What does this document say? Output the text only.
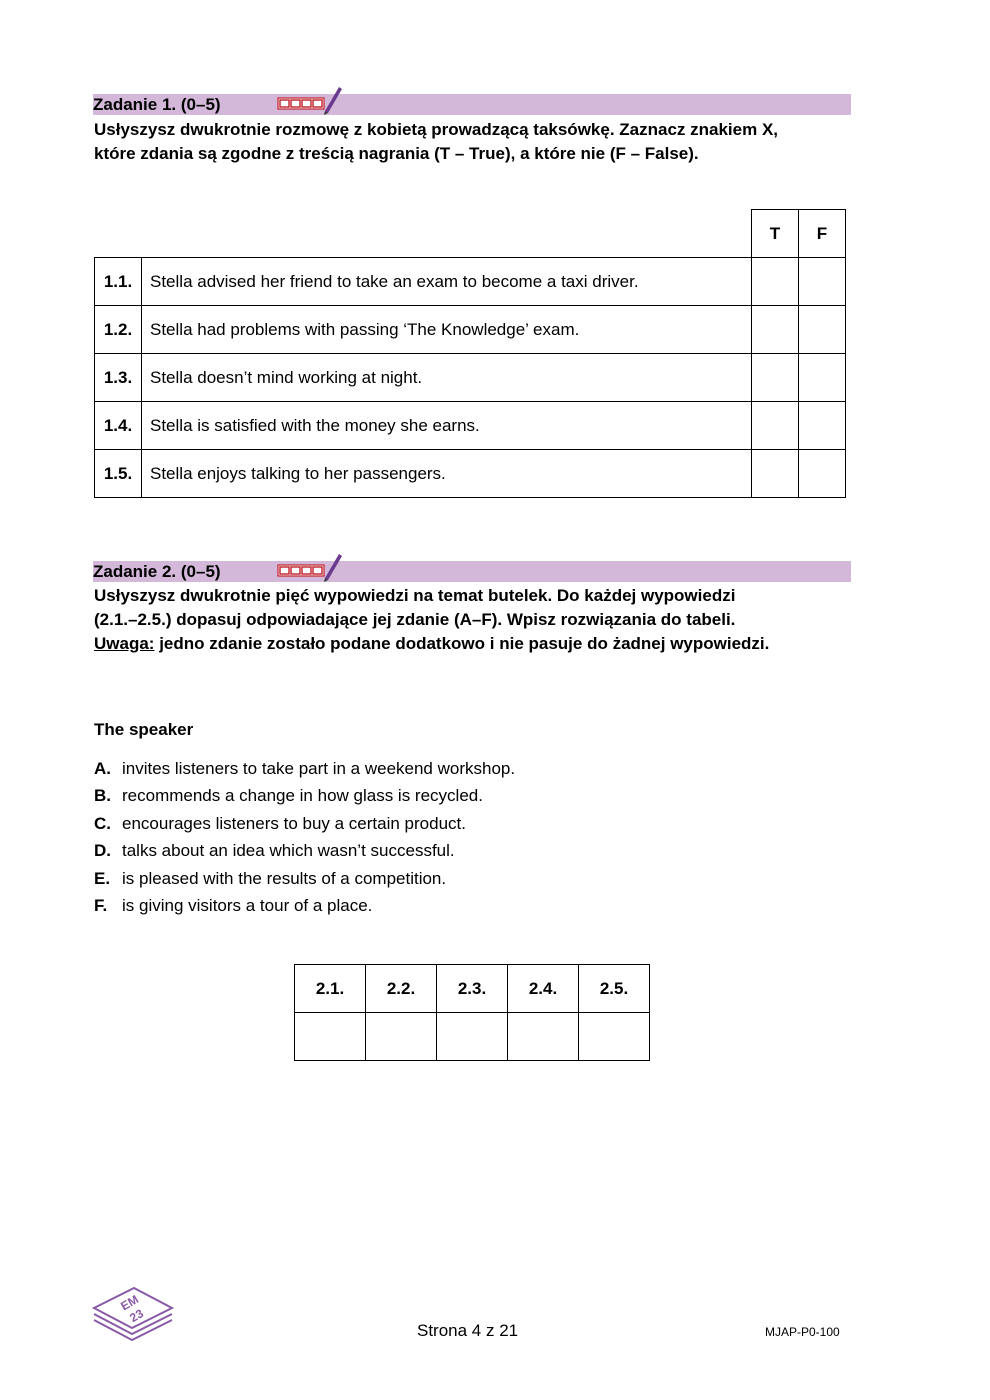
Zadanie 1. (0–5)
Usłyszysz dwukrotnie rozmowę z kobietą prowadzącą taksówkę. Zaznacz znakiem X,
które zdania są zgodne z treścią nagrania (T – True), a które nie (F – False).
		T	F
1.1.	Stella advised her friend to take an exam to become a taxi driver.		
1.2.	Stella had problems with passing ‘The Knowledge’ exam.		
1.3.	Stella doesn’t mind working at night.		
1.4.	Stella is satisfied with the money she earns.		
1.5.	Stella enjoys talking to her passengers.		
Zadanie 2. (0–5)
Usłyszysz dwukrotnie pięć wypowiedzi na temat butelek. Do każdej wypowiedzi
(2.1.–2.5.) dopasuj odpowiadające jej zdanie (A–F). Wpisz rozwiązania do tabeli.
Uwaga: jedno zdanie zostało podane dodatkowo i nie pasuje do żadnej wypowiedzi.
The speaker
A. invites listeners to take part in a weekend workshop.
B. recommends a change in how glass is recycled.
C. encourages listeners to buy a certain product.
D. talks about an idea which wasn’t successful.
E. is pleased with the results of a competition.
F. is giving visitors a tour of a place.
2.1.	2.2.	2.3.	2.4.	2.5.

EM
23
Strona 4 z 21	MJAP-P0-100
